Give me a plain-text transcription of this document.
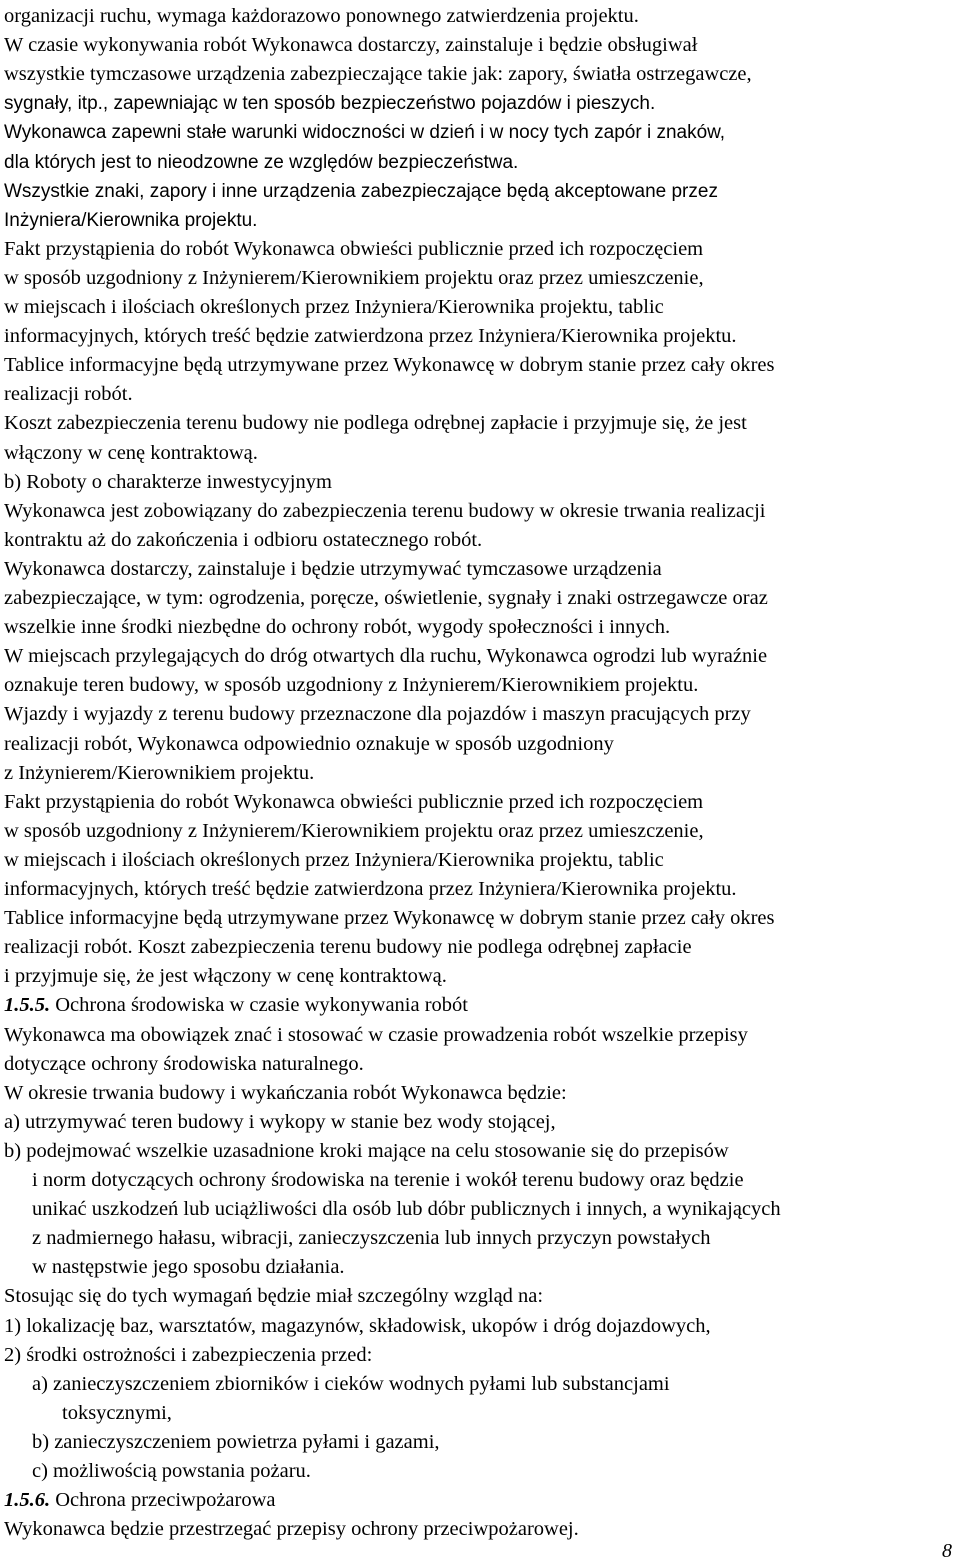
organizacji ruchu, wymaga każdorazowo ponownego zatwierdzenia projektu.
W czasie wykonywania robót Wykonawca dostarczy, zainstaluje i będzie obsługiwał
wszystkie tymczasowe urządzenia zabezpieczające takie jak: zapory, światła ostrzegawcze,
sygnały, itp., zapewniając w ten sposób bezpieczeństwo pojazdów i pieszych.
Wykonawca zapewni stałe warunki widoczności w dzień i w nocy tych zapór i znaków,
dla których jest to nieodzowne ze względów bezpieczeństwa.
Wszystkie znaki, zapory i inne urządzenia zabezpieczające będą akceptowane przez
Inżyniera/Kierownika projektu.
Fakt przystąpienia do robót Wykonawca obwieści publicznie przed ich rozpoczęciem
w sposób uzgodniony z Inżynierem/Kierownikiem projektu oraz przez umieszczenie,
w miejscach i ilościach określonych przez Inżyniera/Kierownika projektu, tablic
informacyjnych, których treść będzie zatwierdzona przez Inżyniera/Kierownika projektu.
Tablice informacyjne będą utrzymywane przez Wykonawcę w dobrym stanie przez cały okres
realizacji robót.
Koszt zabezpieczenia terenu budowy nie podlega odrębnej zapłacie i przyjmuje się, że jest
włączony w cenę kontraktową.
b) Roboty o charakterze inwestycyjnym
Wykonawca jest zobowiązany do zabezpieczenia terenu budowy w okresie trwania realizacji
kontraktu aż do zakończenia i odbioru ostatecznego robót.
Wykonawca dostarczy, zainstaluje i będzie utrzymywać tymczasowe urządzenia
zabezpieczające, w tym: ogrodzenia, poręcze, oświetlenie, sygnały i znaki ostrzegawcze oraz
wszelkie inne środki niezbędne do ochrony robót, wygody społeczności i innych.
W miejscach przylegających do dróg otwartych dla ruchu, Wykonawca ogrodzi lub wyraźnie
oznakuje teren budowy, w sposób uzgodniony z Inżynierem/Kierownikiem projektu.
Wjazdy i wyjazdy z terenu budowy przeznaczone dla pojazdów i maszyn pracujących przy
realizacji robót, Wykonawca odpowiednio oznakuje w sposób uzgodniony
z Inżynierem/Kierownikiem projektu.
Fakt przystąpienia do robót Wykonawca obwieści publicznie przed ich rozpoczęciem
w sposób uzgodniony z Inżynierem/Kierownikiem projektu oraz przez umieszczenie,
w miejscach i ilościach określonych przez Inżyniera/Kierownika projektu, tablic
informacyjnych, których treść będzie zatwierdzona przez Inżyniera/Kierownika projektu.
Tablice informacyjne będą utrzymywane przez Wykonawcę w dobrym stanie przez cały okres
realizacji robót. Koszt zabezpieczenia terenu budowy nie podlega odrębnej zapłacie
i przyjmuje się, że jest włączony w cenę kontraktową.
1.5.5. Ochrona środowiska w czasie wykonywania robót
Wykonawca ma obowiązek znać i stosować w czasie prowadzenia robót wszelkie przepisy
dotyczące ochrony środowiska naturalnego.
W okresie trwania budowy i wykańczania robót Wykonawca będzie:
a) utrzymywać teren budowy i wykopy w stanie bez wody stojącej,
b) podejmować wszelkie uzasadnione kroki mające na celu stosowanie się do przepisów
i norm dotyczących ochrony środowiska na terenie i wokół terenu budowy oraz będzie
unikać uszkodzeń lub uciążliwości dla osób lub dóbr publicznych i innych, a wynikających
z nadmiernego hałasu, wibracji, zanieczyszczenia lub innych przyczyn powstałych
w następstwie jego sposobu działania.
Stosując się do tych wymagań będzie miał szczególny wzgląd na:
1) lokalizację baz, warsztatów, magazynów, składowisk, ukopów i dróg dojazdowych,
2) środki ostrożności i zabezpieczenia przed:
a) zanieczyszczeniem zbiorników i cieków wodnych pyłami lub substancjami
toksycznymi,
b) zanieczyszczeniem powietrza pyłami i gazami,
c) możliwością powstania pożaru.
1.5.6. Ochrona przeciwpożarowa
Wykonawca będzie przestrzegać przepisy ochrony przeciwpożarowej.
8
